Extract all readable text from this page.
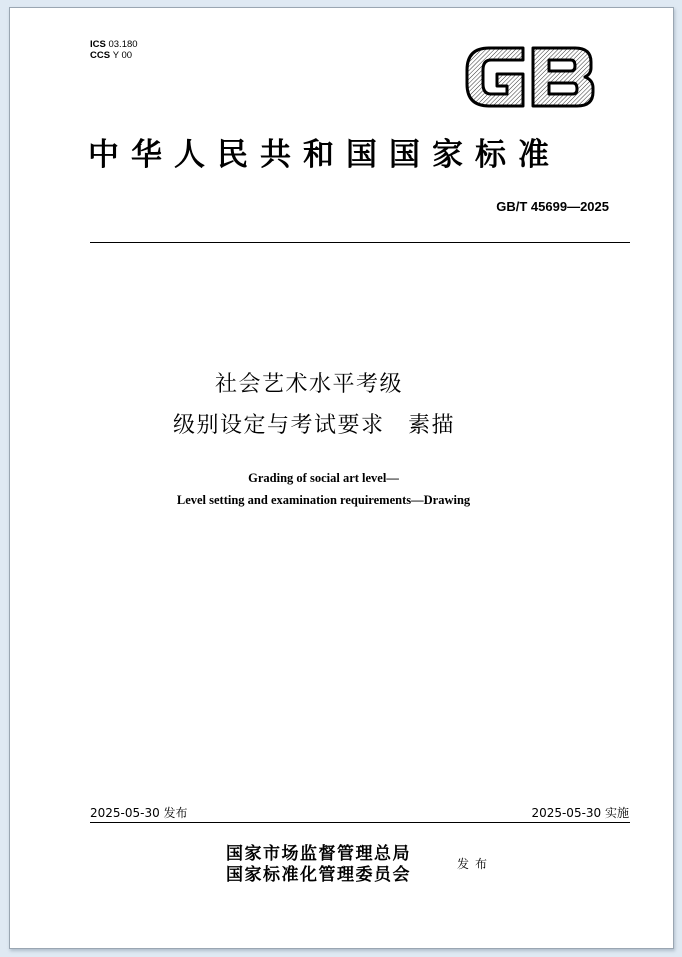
ICS 03.180
CCS Y 00
GB
中华人民共和国国家标准
GB/T 45699—2025
社会艺术水平考级
级别设定与考试要求　素描
Grading of social art level—
Level setting and examination requirements—Drawing
2025-05-30 发布	2025-05-30 实施
国家市场监督管理总局
国家标准化管理委员会
发布
